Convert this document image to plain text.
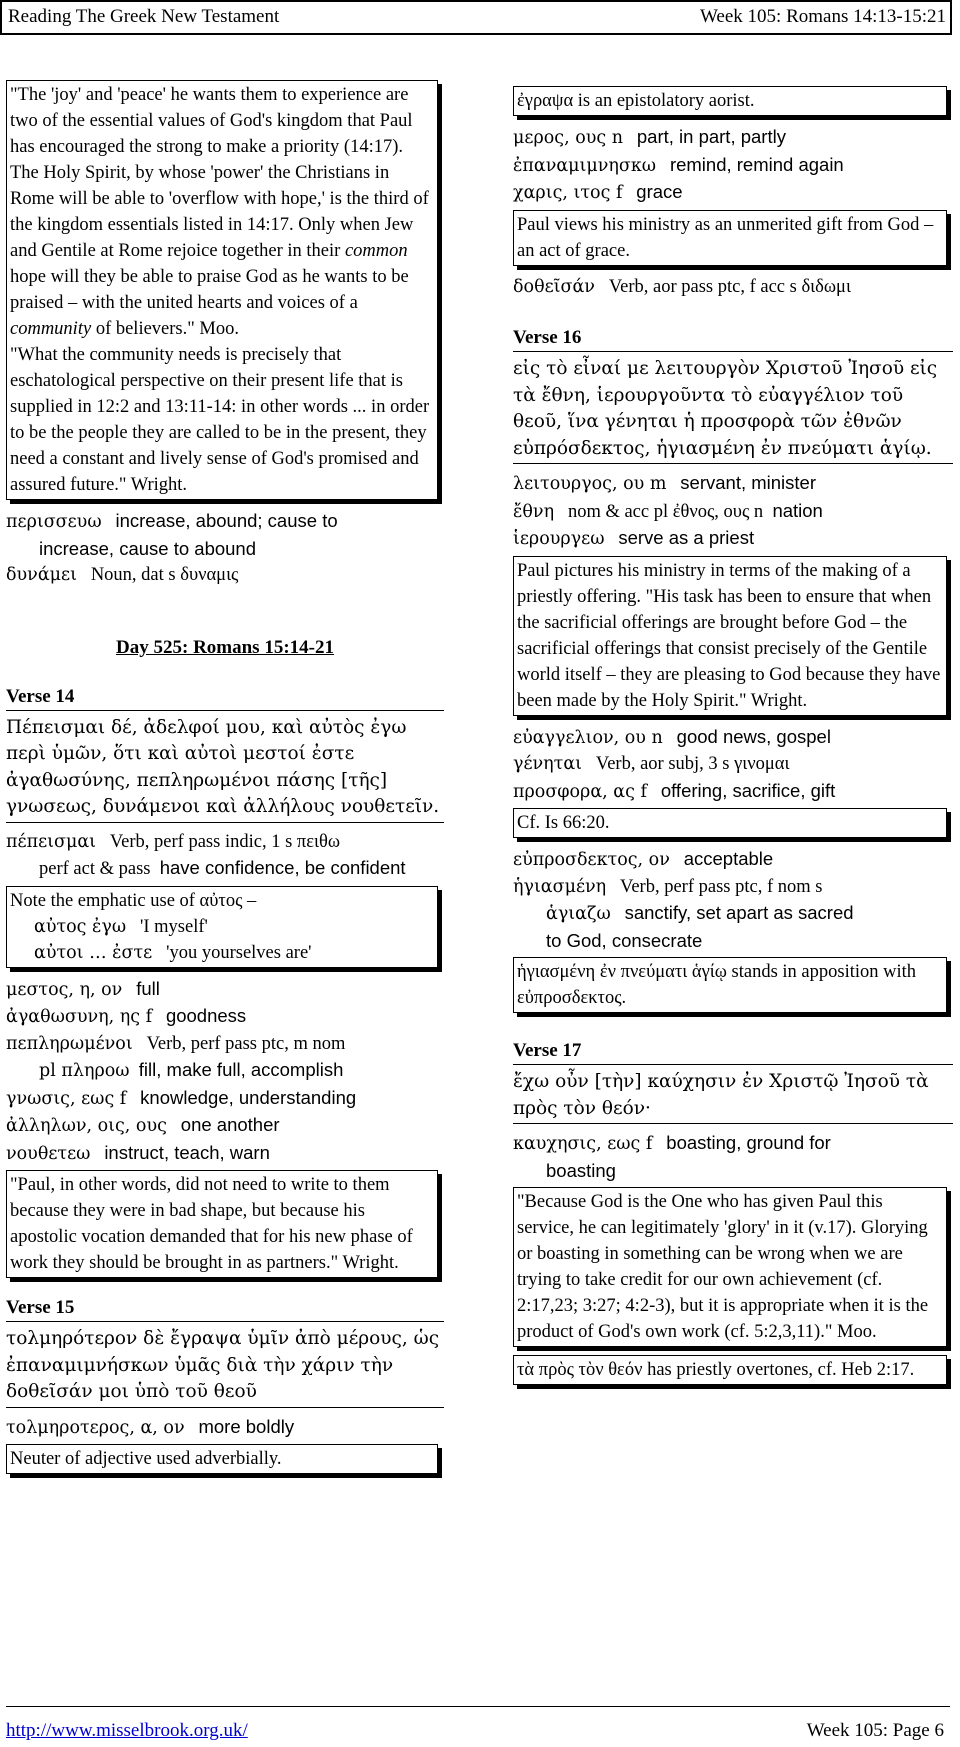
Reading The Greek New Testament	Week 105: Romans 14:13-15:21
"The 'joy' and 'peace' he wants them to experience are two of the essential values of God's kingdom that Paul has encouraged the strong to make a priority (14:17). The Holy Spirit, by whose 'power' the Christians in Rome will be able to 'overflow with hope,' is the third of the kingdom essentials listed in 14:17. Only when Jew and Gentile at Rome rejoice together in their common hope will they be able to praise God as he wants to be praised – with the united hearts and voices of a community of believers." Moo.
"What the community needs is precisely that eschatological perspective on their present life that is supplied in 12:2 and 13:11-14: in other words ... in order to be the people they are called to be in the present, they need a constant and lively sense of God's promised and assured future." Wright.
περισσευω increase, abound; cause to
increase, cause to abound
δυνάμει Noun, dat s δυναμις
Day 525: Romans 15:14-21
Verse 14
Πέπεισμαι δέ, ἀδελφοί μου, καὶ αὐτὸς ἐγω περὶ ὑμῶν, ὅτι καὶ αὐτοὶ μεστοί ἐστε ἀγαθωσύνης, πεπληρωμένοι πάσης [τῆς] γνωσεως, δυνάμενοι καὶ ἀλλήλους νουθετεῖν.
πέπεισμαι Verb, perf pass indic, 1 s πειθω
perf act & pass have confidence, be confident
Note the emphatic use of αὐτος –

αὐτος ἐγω 'I myself'
αὐτοι … ἐστε 'you yourselves are'
μεστος, η, ον full
ἀγαθωσυνη, ης f goodness
πεπληρωμένοι Verb, perf pass ptc, m nom
pl πληροω fill, make full, accomplish
γνωσις, εως f knowledge, understanding
ἀλληλων, οις, ους one another
νουθετεω instruct, teach, warn
"Paul, in other words, did not need to write to them because they were in bad shape, but because his apostolic vocation demanded that for his new phase of work they should be brought in as partners." Wright.
Verse 15
τολμηρότερον δὲ ἔγραψα ὑμῖν ἀπὸ μέρους, ὡς ἐπαναμιμνήσκων ὑμᾶς διὰ τὴν χάριν τὴν δοθεῖσάν μοι ὑπὸ τοῦ θεοῦ
τολμηροτερος, α, ον more boldly
Neuter of adjective used adverbially.
ἐγραψα is an epistolatory aorist.
μερος, ους n part, in part, partly
ἐπαναμιμνησκω remind, remind again
χαρις, ιτος f grace
Paul views his ministry as an unmerited gift from God – an act of grace.
δοθεῖσάν Verb, aor pass ptc, f acc s διδωμι
Verse 16
εἰς τὸ εἶναί με λειτουργὸν Χριστοῦ Ἰησοῦ εἰς τὰ ἔθνη, ἱερουργοῦντα τὸ εὐαγγέλιον τοῦ θεοῦ, ἵνα γένηται ἡ προσφορὰ τῶν ἐθνῶν εὐπρόσδεκτος, ἡγιασμένη ἐν πνεύματι ἁγίῳ.
λειτουργος, ου m servant, minister
ἔθνη nom & acc pl ἐθνος, ους n nation
ἱερουργεω serve as a priest
Paul pictures his ministry in terms of the making of a priestly offering. "His task has been to ensure that when the sacrificial offerings are brought before God – the sacrificial offerings that consist precisely of the Gentile world itself – they are pleasing to God because they have been made by the Holy Spirit." Wright.
εὐαγγελιον, ου n good news, gospel
γένηται Verb, aor subj, 3 s γινομαι
προσφορα, ας f offering, sacrifice, gift
Cf. Is 66:20.
εὐπροσδεκτος, ον acceptable
ἡγιασμένη Verb, perf pass ptc, f nom s
ἁγιαζω sanctify, set apart as sacred
to God, consecrate
ἡγιασμένη ἐν πνεύματι ἁγίῳ stands in apposition with εὐπροσδεκτος.
Verse 17
ἔχω οὖν [τὴν] καύχησιν ἐν Χριστῷ Ἰησοῦ τὰ πρὸς τὸν θεόν·
καυχησις, εως f boasting, ground for
boasting
"Because God is the One who has given Paul this service, he can legitimately 'glory' in it (v.17). Glorying or boasting in something can be wrong when we are trying to take credit for our own achievement (cf. 2:17,23; 3:27; 4:2-3), but it is appropriate when it is the product of God's own work (cf. 5:2,3,11)." Moo.
τὰ πρὸς τὸν θεόν has priestly overtones, cf. Heb 2:17.
http://www.misselbrook.org.uk/	Week 105: Page 6
